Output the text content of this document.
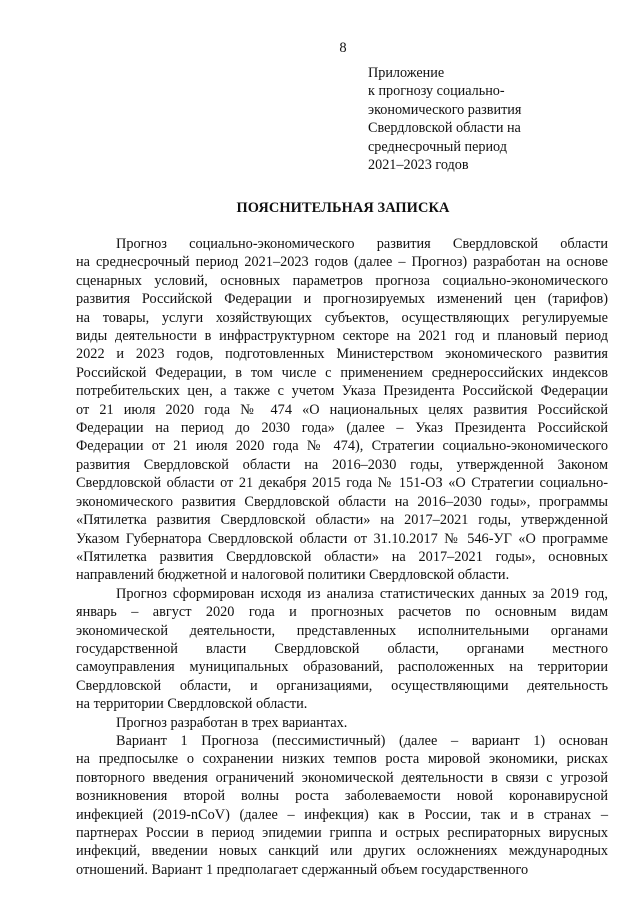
8
Приложение
к прогнозу социально-
экономического развития
Свердловской области на
среднесрочный период
2021–2023 годов
ПОЯСНИТЕЛЬНАЯ ЗАПИСКА
Прогноз социально-экономического развития Свердловской области
на среднесрочный период 2021–2023 годов (далее – Прогноз) разработан на основе
сценарных условий, основных параметров прогноза социально-экономического
развития Российской Федерации и прогнозируемых изменений цен (тарифов)
на товары, услуги хозяйствующих субъектов, осуществляющих регулируемые
виды деятельности в инфраструктурном секторе на 2021 год и плановый период
2022 и 2023 годов, подготовленных Министерством экономического развития
Российской Федерации, в том числе с применением среднероссийских индексов
потребительских цен, а также с учетом Указа Президента Российской Федерации
от 21 июля 2020 года № 474 «О национальных целях развития Российской
Федерации на период до 2030 года» (далее – Указ Президента Российской
Федерации от 21 июля 2020 года № 474), Стратегии социально-экономического
развития Свердловской области на 2016–2030 годы, утвержденной Законом
Свердловской области от 21 декабря 2015 года № 151-ОЗ «О Стратегии социально-
экономического развития Свердловской области на 2016–2030 годы», программы
«Пятилетка развития Свердловской области» на 2017–2021 годы, утвержденной
Указом Губернатора Свердловской области от 31.10.2017 № 546-УГ «О программе
«Пятилетка развития Свердловской области» на 2017–2021 годы», основных
направлений бюджетной и налоговой политики Свердловской области.
Прогноз сформирован исходя из анализа статистических данных за 2019 год,
январь – август 2020 года и прогнозных расчетов по основным видам
экономической деятельности, представленных исполнительными органами
государственной власти Свердловской области, органами местного
самоуправления муниципальных образований, расположенных на территории
Свердловской области, и организациями, осуществляющими деятельность
на территории Свердловской области.
Прогноз разработан в трех вариантах.
Вариант 1 Прогноза (пессимистичный) (далее – вариант 1) основан
на предпосылке о сохранении низких темпов роста мировой экономики, рисках
повторного введения ограничений экономической деятельности в связи с угрозой
возникновения второй волны роста заболеваемости новой коронавирусной
инфекцией (2019-nCoV) (далее – инфекция) как в России, так и в странах –
партнерах России в период эпидемии гриппа и острых респираторных вирусных
инфекций, введении новых санкций или других осложнениях международных
отношений. Вариант 1 предполагает сдержанный объем государственного
